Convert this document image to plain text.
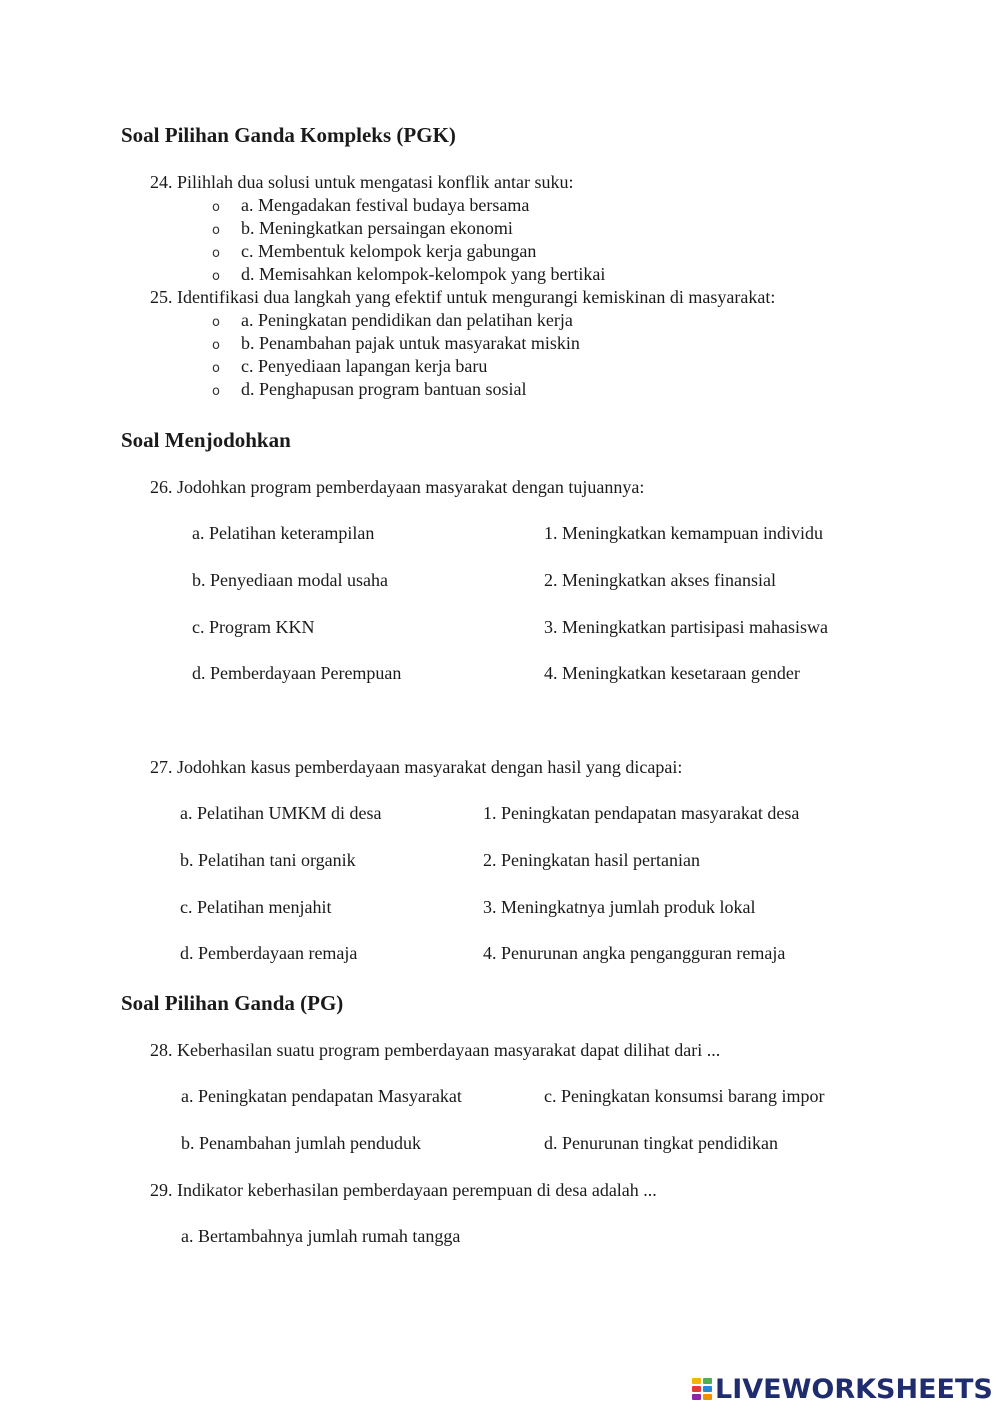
Soal Pilihan Ganda Kompleks (PGK)
24. Pilihlah dua solusi untuk mengatasi konflik antar suku:
o a. Mengadakan festival budaya bersama
o b. Meningkatkan persaingan ekonomi
o c. Membentuk kelompok kerja gabungan
o d. Memisahkan kelompok-kelompok yang bertikai
25. Identifikasi dua langkah yang efektif untuk mengurangi kemiskinan di masyarakat:
o a. Peningkatan pendidikan dan pelatihan kerja
o b. Penambahan pajak untuk masyarakat miskin
o c. Penyediaan lapangan kerja baru
o d. Penghapusan program bantuan sosial
Soal Menjodohkan
26. Jodohkan program pemberdayaan masyarakat dengan tujuannya:
a. Pelatihan keterampilan	1. Meningkatkan kemampuan individu
b. Penyediaan modal usaha	2. Meningkatkan akses finansial
c. Program KKN	3. Meningkatkan partisipasi mahasiswa
d. Pemberdayaan Perempuan	4. Meningkatkan kesetaraan gender
27. Jodohkan kasus pemberdayaan masyarakat dengan hasil yang dicapai:
a. Pelatihan UMKM di desa	1. Peningkatan pendapatan masyarakat desa
b. Pelatihan tani organik	2. Peningkatan hasil pertanian
c. Pelatihan menjahit	3. Meningkatnya jumlah produk lokal
d. Pemberdayaan remaja	4. Penurunan angka pengangguran remaja
Soal Pilihan Ganda (PG)
28. Keberhasilan suatu program pemberdayaan masyarakat dapat dilihat dari ...
a. Peningkatan pendapatan Masyarakat	c. Peningkatan konsumsi barang impor
b. Penambahan jumlah penduduk	d. Penurunan tingkat pendidikan
29. Indikator keberhasilan pemberdayaan perempuan di desa adalah ...
a. Bertambahnya jumlah rumah tangga
LIVEWORKSHEETS
